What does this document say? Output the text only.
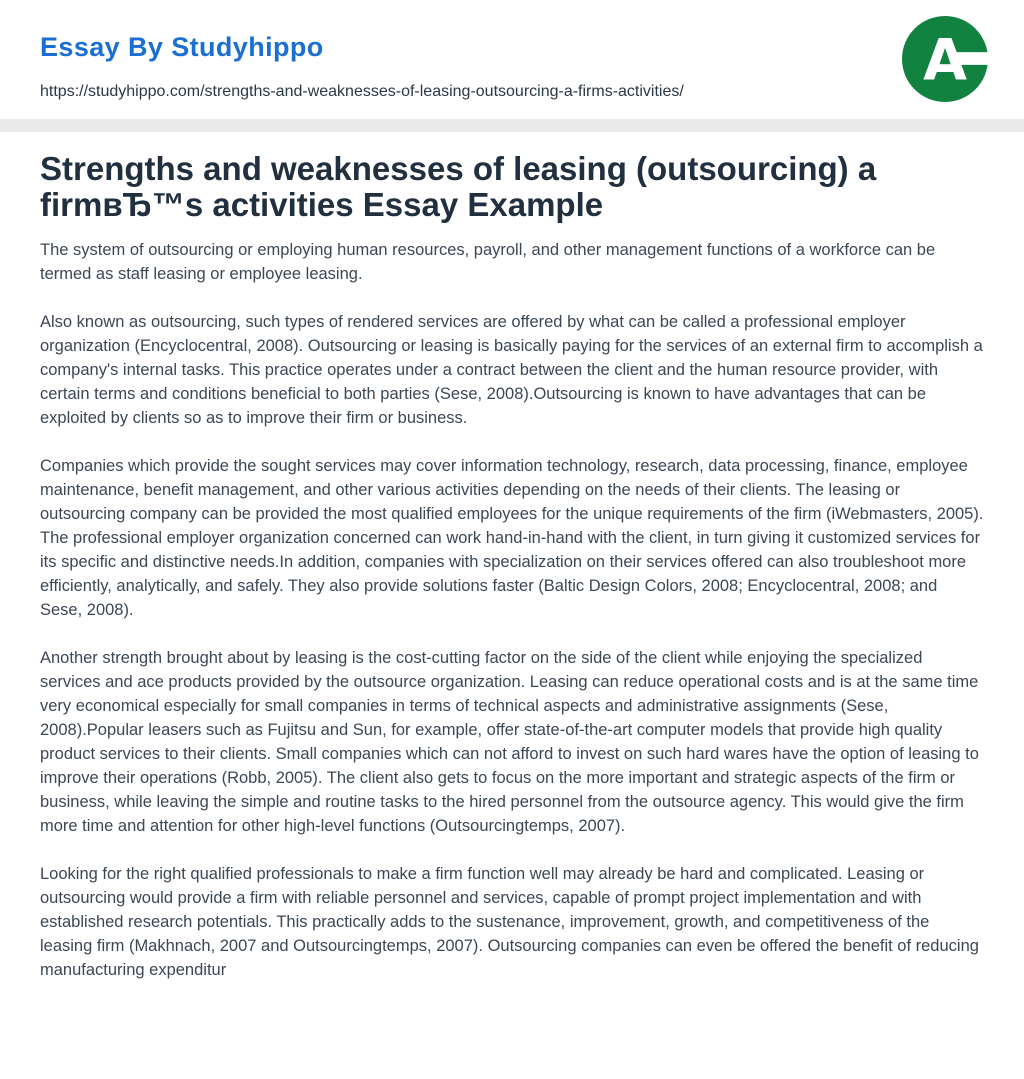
Essay By Studyhippo
https://studyhippo.com/strengths-and-weaknesses-of-leasing-outsourcing-a-firms-activities/	A
Strengths and weaknesses of leasing (outsourcing) a firmвЂ™s activities Essay Example

The system of outsourcing or employing human resources, payroll, and other management functions of a workforce can be termed as staff leasing or employee leasing.

Also known as outsourcing, such types of rendered services are offered by what can be called a professional employer organization (Encyclocentral, 2008). Outsourcing or leasing is basically paying for the services of an external firm to accomplish a company's internal tasks. This practice operates under a contract between the client and the human resource provider, with certain terms and conditions beneficial to both parties (Sese, 2008).Outsourcing is known to have advantages that can be exploited by clients so as to improve their firm or business.

Companies which provide the sought services may cover information technology, research, data processing, finance, employee maintenance, benefit management, and other various activities depending on the needs of their clients. The leasing or outsourcing company can be provided the most qualified employees for the unique requirements of the firm (iWebmasters, 2005). The professional employer organization concerned can work hand-in-hand with the client, in turn giving it customized services for its specific and distinctive needs.In addition, companies with specialization on their services offered can also troubleshoot more efficiently, analytically, and safely. They also provide solutions faster (Baltic Design Colors, 2008; Encyclocentral, 2008; and Sese, 2008).

Another strength brought about by leasing is the cost-cutting factor on the side of the client while enjoying the specialized services and ace products provided by the outsource organization. Leasing can reduce operational costs and is at the same time very economical especially for small companies in terms of technical aspects and administrative assignments (Sese, 2008).Popular leasers such as Fujitsu and Sun, for example, offer state-of-the-art computer models that provide high quality product services to their clients. Small companies which can not afford to invest on such hard wares have the option of leasing to improve their operations (Robb, 2005). The client also gets to focus on the more important and strategic aspects of the firm or business, while leaving the simple and routine tasks to the hired personnel from the outsource agency. This would give the firm more time and attention for other high-level functions (Outsourcingtemps, 2007).

Looking for the right qualified professionals to make a firm function well may already be hard and complicated. Leasing or outsourcing would provide a firm with reliable personnel and services, capable of prompt project implementation and with established research potentials. This practically adds to the sustenance, improvement, growth, and competitiveness of the leasing firm (Makhnach, 2007 and Outsourcingtemps, 2007). Outsourcing companies can even be offered the benefit of reducing manufacturing expenditur
